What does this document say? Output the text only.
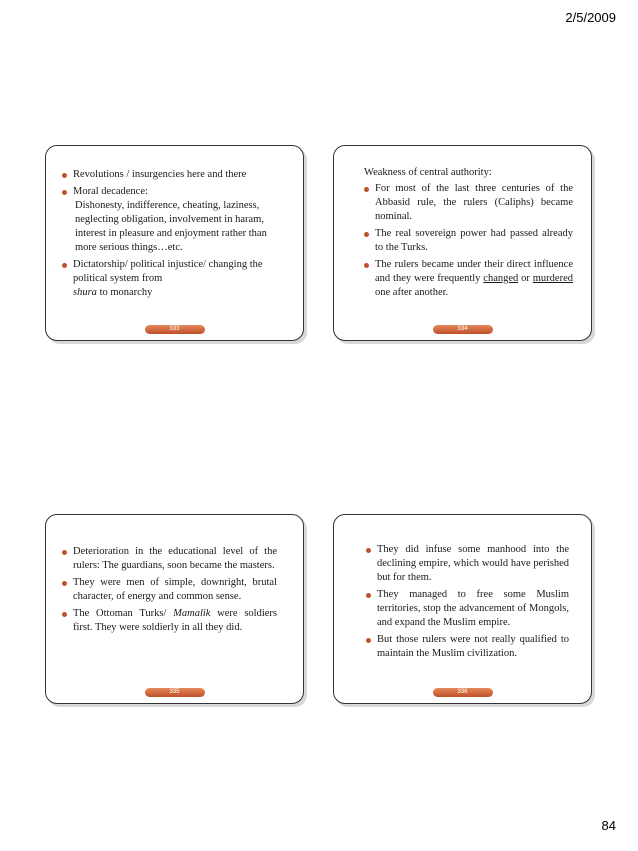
2/5/2009
Revolutions / insurgencies here and there
Moral decadence:
Dishonesty, indifference, cheating, laziness, neglecting obligation, involvement in haram, interest in pleasure and enjoyment rather than more serious things…etc.
Dictatorship/ political injustice/ changing the political system from
shura to monarchy
333

Weakness of central authority:

For most of the last three centuries of the Abbasid rule, the rulers (Caliphs) became nominal.
The real sovereign power had passed already to the Turks.
The rulers became under their direct influence and they were frequently changed or murdered one after another.
334
Deterioration in the educational level of the rulers: The guardians, soon became the masters.
They were men of simple, downright, brutal character, of energy and common sense.
The Ottoman Turks/ Mamalik were soldiers first. They were soldierly in all they did.
335
They did infuse some manhood into the declining empire, which would have perished but for them.
They managed to free some Muslim territories, stop the advancement of Mongols, and expand the Muslim empire.
But those rulers were not really qualified to maintain the Muslim civilization.
336
84
